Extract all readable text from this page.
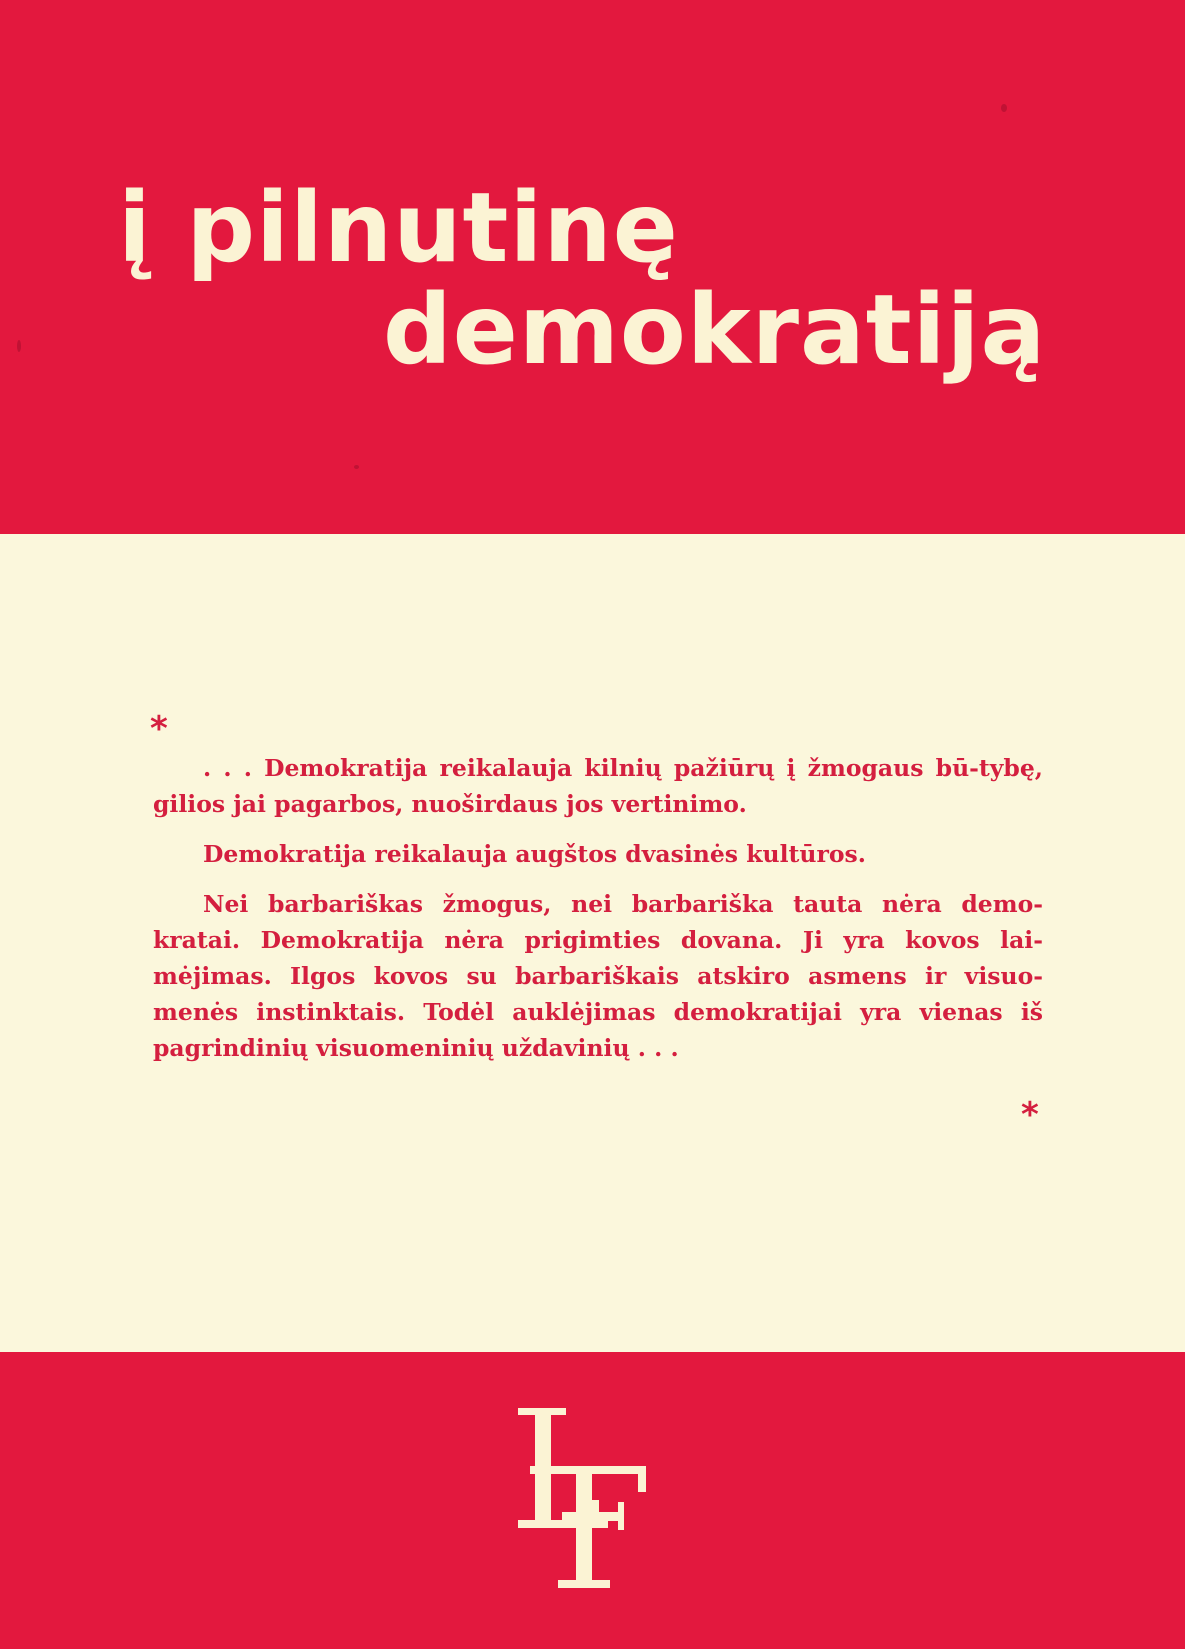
į pilnutinę
demokratiją
*

. . . Demokratija reikalauja kilnių pažiūrų į žmogaus bū-tybę, gilios jai pagarbos, nuoširdaus jos vertinimo.

Demokratija reikalauja augštos dvasinės kultūros.

Nei barbariškas žmogus, nei barbariška tauta nėra demo-kratai. Demokratija nėra prigimties dovana. Ji yra kovos lai-mėjimas. Ilgos kovos su barbariškais atskiro asmens ir visuo-menės instinktais. Todėl auklėjimas demokratijai yra vienas iš pagrindinių visuomeninių uždavinių . . .

*
